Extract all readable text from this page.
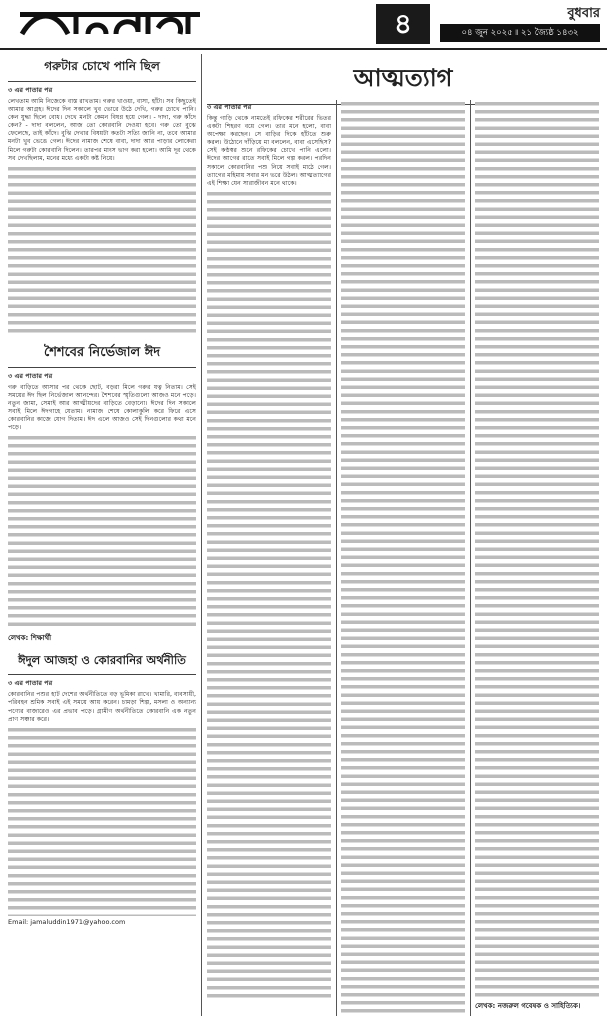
৪	বুধবার
০৪ জুন ২০২৫ ৷৷ ২১ জ্যৈষ্ঠ ১৪৩২
গরুটার চোখে পানি ছিল
৩ এর পাতার পর

লেখতাম আমি নিজেকে বাস্ত রাখতাম। গরুর খাওয়া, বাসা, হাঁটা। সব কিছুতেই আমার আগ্রহ। ঈদের দিন সকালে খুব ভোরে উঠে দেখি, গরুর চোখে পানি। কেন যুদ্ধা ছিলে বোধ। দেখে মনটা কেমন বিষণ্ণ হয়ে গেল। - দাদা, গরু কাঁদে কেন? - দাদা বললেন, আজ তো কোরবানি দেওয়া হবে। গরু তো বুঝে ফেলেছে, তাই কাঁদে। বুঝি দেখার বিষয়টা কতটা সত্যি জানি না, তবে আমার মনটা খুব ভেঙে গেল। ঈদের নামাজ শেষে বাবা, দাদা আর পাড়ার লোকেরা মিলে গরুটা কোরবানি দিলেন। তারপর মাংস ভাগ করা হলো। আমি দূর থেকে সব দেখছিলাম, মনের মধ্যে একটা কষ্ট নিয়ে।

শৈশবের নির্ভেজাল ঈদ
৩ এর পাতার পর

গরু বাড়িতে আসার পর থেকে ছোট, বড়রা মিলে গরুর যত্ন নিতাম। সেই সময়ের ঈদ ছিল নির্ভেজাল আনন্দের। শৈশবের স্মৃতিগুলো আজও মনে পড়ে। নতুন জামা, সেমাই আর আত্মীয়দের বাড়িতে বেড়ানো। ঈদের দিন সকালে সবাই মিলে ঈদগাহে যেতাম। নামাজ শেষে কোলাকুলি করে ফিরে এসে কোরবানির কাজে যোগ দিতাম। ঈদ এলে আজও সেই দিনগুলোর কথা মনে পড়ে।

লেখক: শিক্ষার্থী
ঈদুল আজহা ও কোরবানির অর্থনীতি
৩ এর পাতার পর

কোরবানির পশুর হাট দেশের অর্থনীতিতে বড় ভূমিকা রাখে। খামারি, ব্যবসায়ী, পরিবহন শ্রমিক সবাই এই সময়ে আয় করেন। চামড়া শিল্প, মসলা ও অন্যান্য পণ্যের বাজারেও এর প্রভাব পড়ে। গ্রামীণ অর্থনীতিতে কোরবানি এক নতুন প্রাণ সঞ্চার করে।

Email: jamaluddin1971@yahoo.com
আত্মত্যাগ
৩ এর পাতার পর

কিন্তু গাড়ি থেকে নামতেই রফিকের শরীরের ভিতর একটা শিহরণ বয়ে গেল। তার মনে হলো, বাবা অপেক্ষা করছেন। সে বাড়ির দিকে হাঁটতে শুরু করল। উঠোনে দাঁড়িয়ে মা বললেন, বাবা এসেছিস? সেই কণ্ঠস্বর শুনে রফিকের চোখে পানি এলো। ঈদের আগের রাতে সবাই মিলে গল্প করল। পরদিন সকালে কোরবানির পশু নিয়ে সবাই মাঠে গেল। ত্যাগের মহিমায় সবার মন ভরে উঠল। আত্মত্যাগের এই শিক্ষা যেন সারাজীবন মনে থাকে।

লেখক: নজরুল গবেষক ও সাহিত্যিক।
